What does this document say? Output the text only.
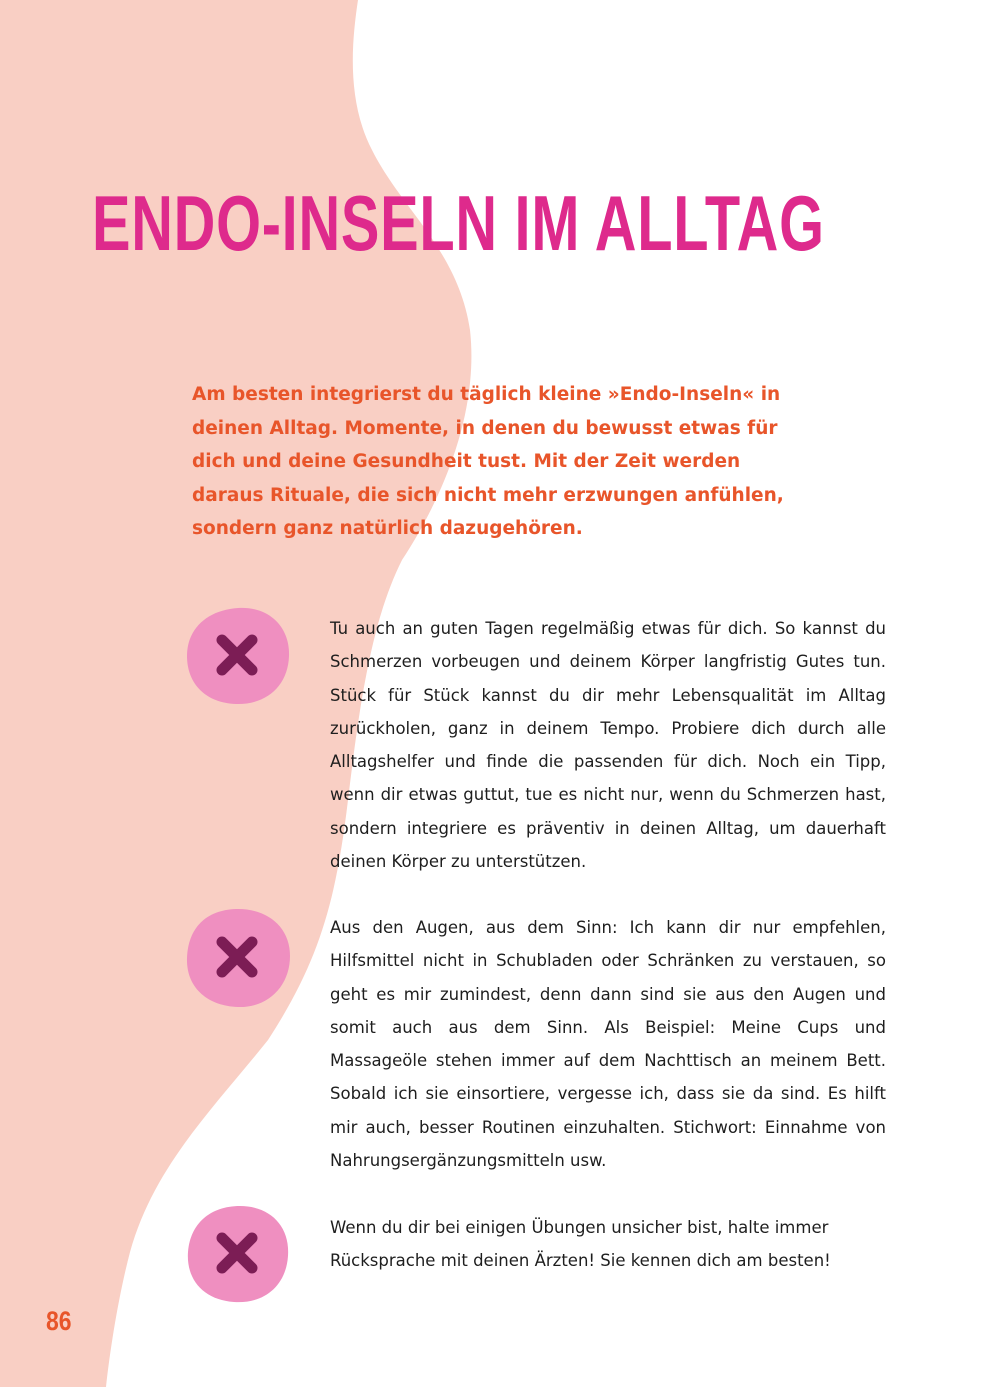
ENDO-INSELN IM ALLTAG

Am besten integrierst du täglich kleine »Endo-Inseln« in deinen Alltag. Momente, in denen du bewusst etwas für dich und deine Gesundheit tust. Mit der Zeit werden daraus Rituale, die sich nicht mehr erzwungen anfühlen, sondern ganz natürlich dazugehören.

Tu auch an guten Tagen regelmäßig etwas für dich. So kannst du Schmerzen vorbeugen und deinem Körper langfristig Gutes tun. Stück für Stück kannst du dir mehr Lebensqualität im Alltag zurückholen, ganz in deinem Tempo. Probiere dich durch alle Alltagshelfer und finde die passenden für dich. Noch ein Tipp, wenn dir etwas guttut, tue es nicht nur, wenn du Schmerzen hast, sondern integriere es präventiv in deinen Alltag, um dauerhaft deinen Körper zu unterstützen.

Aus den Augen, aus dem Sinn: Ich kann dir nur empfehlen, Hilfsmittel nicht in Schubladen oder Schränken zu verstauen, so geht es mir zumindest, denn dann sind sie aus den Augen und somit auch aus dem Sinn. Als Beispiel: Meine Cups und Massageöle stehen immer auf dem Nachttisch an meinem Bett. Sobald ich sie einsortiere, vergesse ich, dass sie da sind. Es hilft mir auch, besser Routinen einzuhalten. Stichwort: Einnahme von Nahrungsergänzungsmitteln usw.

Wenn du dir bei einigen Übungen unsicher bist, halte immer Rücksprache mit deinen Ärzten! Sie kennen dich am besten!

86
